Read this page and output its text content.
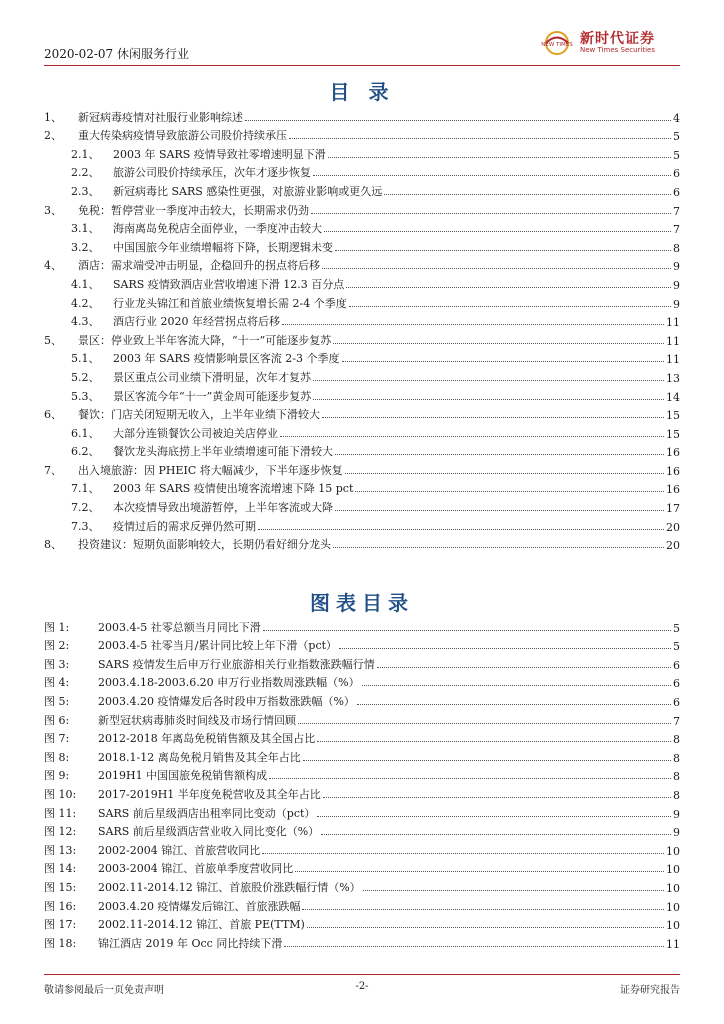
2020-02-07 休闲服务行业
NEW TIMES 新时代证券
New Times Securities
目 录
1、	新冠病毒疫情对社服行业影响综述	4
2、	重大传染病疫情导致旅游公司股价持续承压	5
2.1、	2003 年 SARS 疫情导致社零增速明显下滑	5
2.2、	旅游公司股价持续承压，次年才逐步恢复	6
2.3、	新冠病毒比 SARS 感染性更强，对旅游业影响或更久远	6
3、	免税：暂停营业一季度冲击较大，长期需求仍劲	7
3.1、	海南离岛免税店全面停业，一季度冲击较大	7
3.2、	中国国旅今年业绩增幅将下降，长期逻辑未变	8
4、	酒店：需求端受冲击明显，企稳回升的拐点将后移	9
4.1、	SARS 疫情致酒店业营收增速下滑 12.3 百分点	9
4.2、	行业龙头锦江和首旅业绩恢复增长需 2-4 个季度	9
4.3、	酒店行业 2020 年经营拐点将后移	11
5、	景区：停业致上半年客流大降，“十一”可能逐步复苏	11
5.1、	2003 年 SARS 疫情影响景区客流 2-3 个季度	11
5.2、	景区重点公司业绩下滑明显，次年才复苏	13
5.3、	景区客流今年“十一”黄金周可能逐步复苏	14
6、	餐饮：门店关闭短期无收入，上半年业绩下滑较大	15
6.1、	大部分连锁餐饮公司被迫关店停业	15
6.2、	餐饮龙头海底捞上半年业绩增速可能下滑较大	16
7、	出入境旅游：因 PHEIC 将大幅减少，下半年逐步恢复	16
7.1、	2003 年 SARS 疫情使出境客流增速下降 15 pct	16
7.2、	本次疫情导致出境游暂停，上半年客流或大降	17
7.3、	疫情过后的需求反弹仍然可期	20
8、	投资建议：短期负面影响较大，长期仍看好细分龙头	20
图表目录
图 1:	2003.4-5 社零总额当月同比下滑	5
图 2:	2003.4-5 社零当月/累计同比较上年下滑（pct）	5
图 3:	SARS 疫情发生后申万行业旅游相关行业指数涨跌幅行情	6
图 4:	2003.4.18-2003.6.20 申万行业指数周涨跌幅（%）	6
图 5:	2003.4.20 疫情爆发后各时段申万指数涨跌幅（%）	6
图 6:	新型冠状病毒肺炎时间线及市场行情回顾	7
图 7:	2012-2018 年离岛免税销售额及其全国占比	8
图 8:	2018.1-12 离岛免税月销售及其全年占比	8
图 9:	2019H1 中国国旅免税销售额构成	8
图 10:	2017-2019H1 半年度免税营收及其全年占比	8
图 11:	SARS 前后星级酒店出租率同比变动（pct）	9
图 12:	SARS 前后星级酒店营业收入同比变化（%）	9
图 13:	2002-2004 锦江、首旅营收同比	10
图 14:	2003-2004 锦江、首旅单季度营收同比	10
图 15:	2002.11-2014.12 锦江、首旅股价涨跌幅行情（%）	10
图 16:	2003.4.20 疫情爆发后锦江、首旅涨跌幅	10
图 17:	2002.11-2014.12 锦江、首旅 PE(TTM)	10
图 18:	锦江酒店 2019 年 Occ 同比持续下滑	11
敬请参阅最后一页免责声明	-2-	证券研究报告
